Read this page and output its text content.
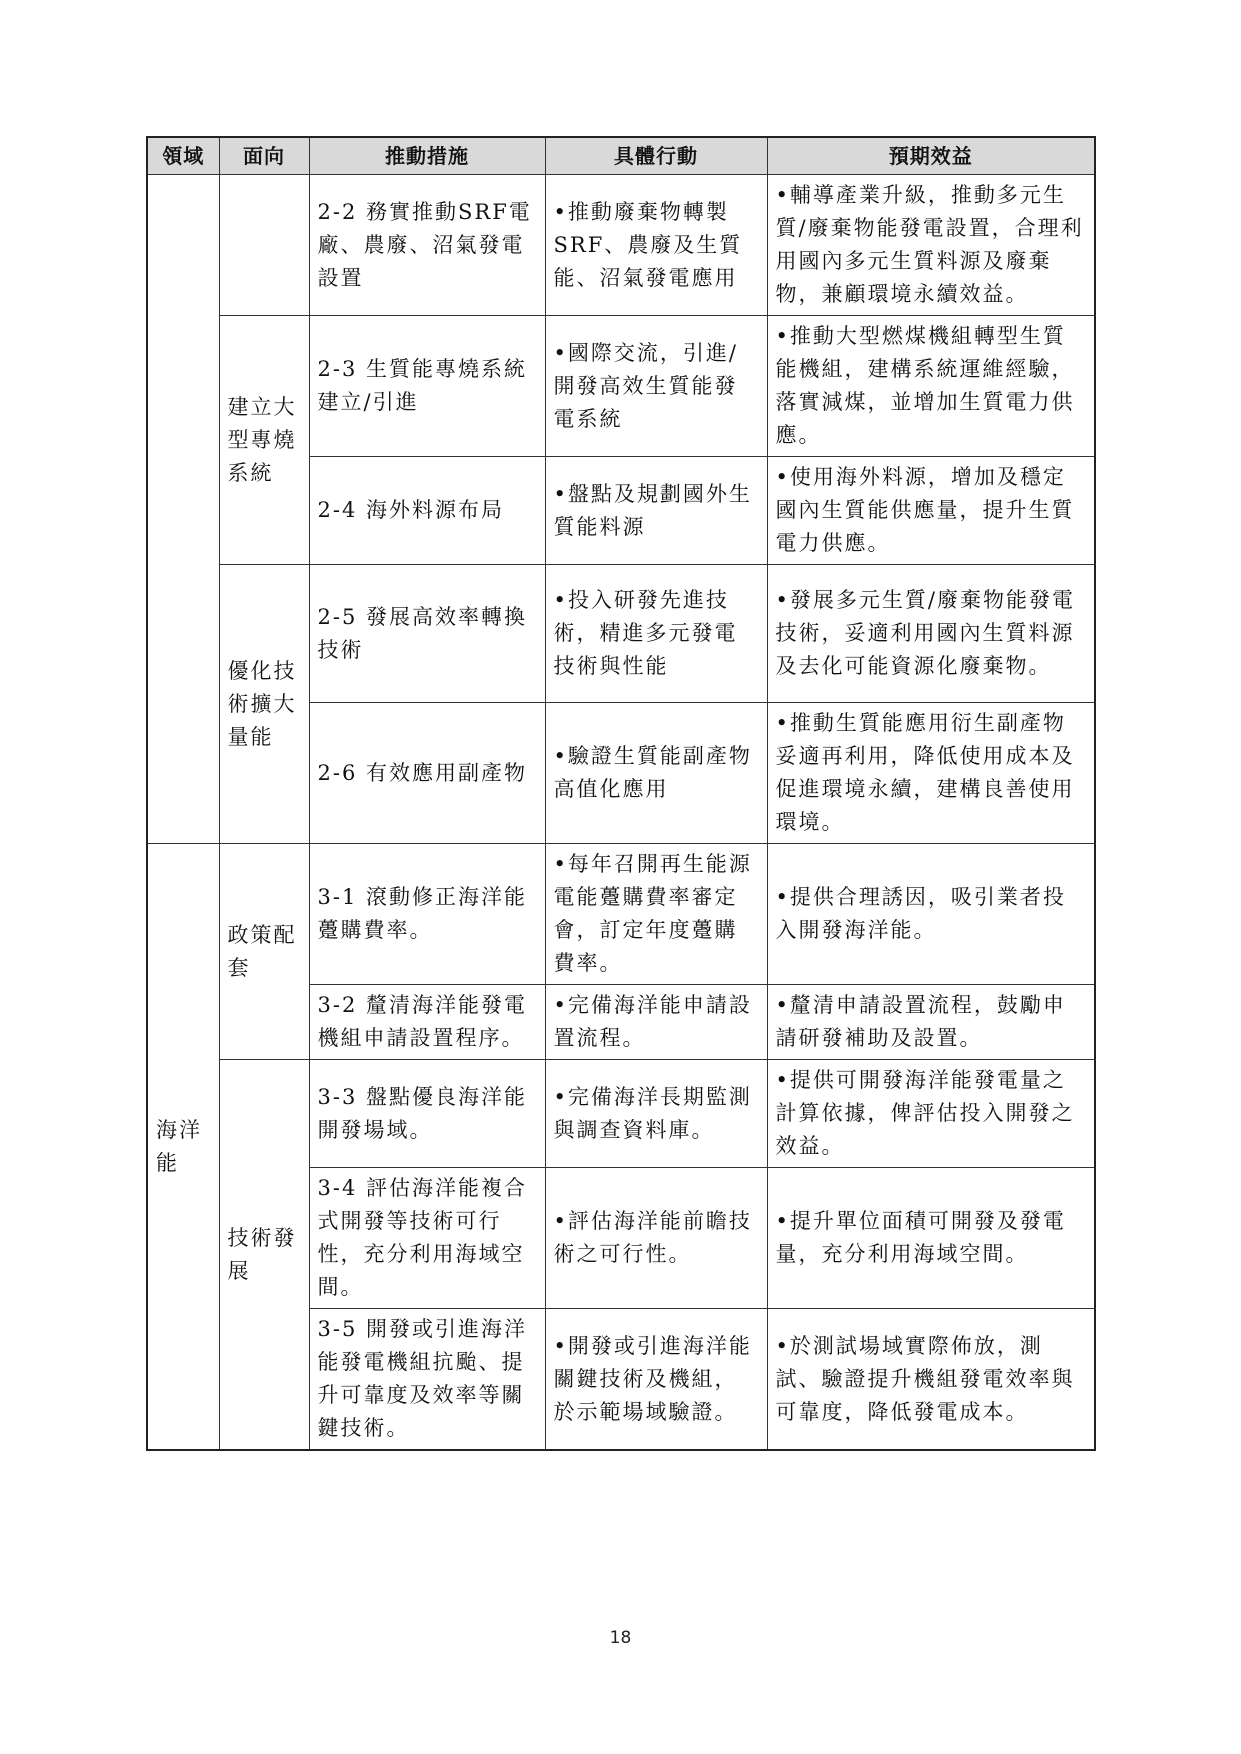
領域	面向	推動措施	具體行動	預期效益
		2-2 務實推動SRF電廠、農廢、沼氣發電設置	•推動廢棄物轉製SRF、農廢及生質能、沼氣發電應用	•輔導產業升級，推動多元生質/廢棄物能發電設置，合理利用國內多元生質料源及廢棄物，兼顧環境永續效益。
	建立大型專燒系統	2-3 生質能專燒系統建立/引進	•國際交流，引進/開發高效生質能發電系統	•推動大型燃煤機組轉型生質能機組，建構系統運維經驗，落實減煤，並增加生質電力供應。
		2-4 海外料源布局	•盤點及規劃國外生質能料源	•使用海外料源，增加及穩定國內生質能供應量，提升生質電力供應。
	優化技術擴大量能	2-5 發展高效率轉換技術	•投入研發先進技術，精進多元發電技術與性能	•發展多元生質/廢棄物能發電技術，妥適利用國內生質料源及去化可能資源化廢棄物。
		2-6 有效應用副產物	•驗證生質能副產物高值化應用	•推動生質能應用衍生副產物妥適再利用，降低使用成本及促進環境永續，建構良善使用環境。
海洋能	政策配套	3-1 滾動修正海洋能躉購費率。	•每年召開再生能源電能躉購費率審定會，訂定年度躉購費率。	•提供合理誘因，吸引業者投入開發海洋能。
		3-2 釐清海洋能發電機組申請設置程序。	•完備海洋能申請設置流程。	•釐清申請設置流程，鼓勵申請研發補助及設置。
	技術發展	3-3 盤點優良海洋能開發場域。	•完備海洋長期監測與調查資料庫。	•提供可開發海洋能發電量之計算依據，俾評估投入開發之效益。
		3-4 評估海洋能複合式開發等技術可行性，充分利用海域空間。	•評估海洋能前瞻技術之可行性。	•提升單位面積可開發及發電量，充分利用海域空間。
		3-5 開發或引進海洋能發電機組抗颱、提升可靠度及效率等關鍵技術。	•開發或引進海洋能關鍵技術及機組，於示範場域驗證。	•於測試場域實際佈放，測試、驗證提升機組發電效率與可靠度，降低發電成本。
18
